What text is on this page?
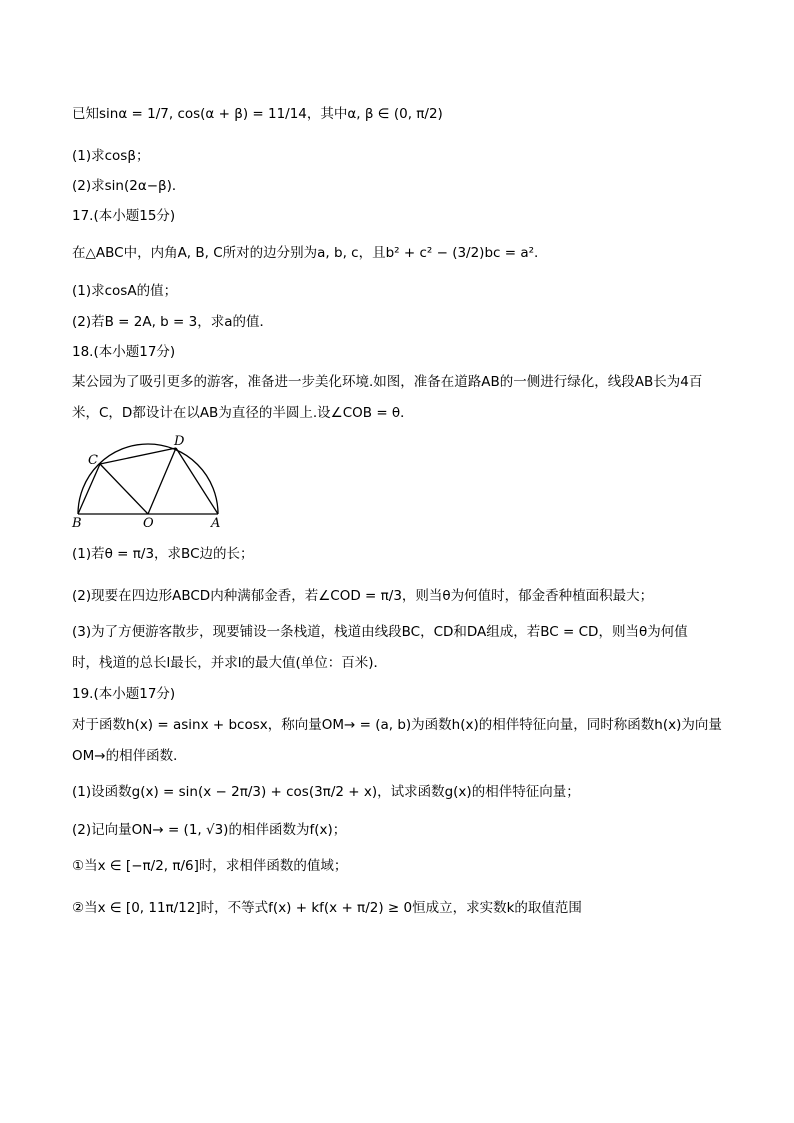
已知sinα = 1/7, cos(α + β) = 11/14，其中α, β ∈ (0, π/2)
(1)求cosβ；
(2)求sin(2α−β)．
17.(本小题15分)
在△ABC中，内角A, B, C所对的边分别为a, b, c，且b² + c² − (3/2)bc = a².
(1)求cosA的值；
(2)若B = 2A, b = 3，求a的值．
18.(本小题17分)
某公园为了吸引更多的游客，准备进一步美化环境.如图，准备在道路AB的一侧进行绿化，线段AB长为4百
米，C，D都设计在以AB为直径的半圆上.设∠COB = θ．
B	O	A
C
D
(1)若θ = π/3，求BC边的长；
(2)现要在四边形ABCD内种满郁金香，若∠COD = π/3，则当θ为何值时，郁金香种植面积最大；
(3)为了方便游客散步，现要铺设一条栈道，栈道由线段BC，CD和DA组成，若BC = CD，则当θ为何值
时，栈道的总长l最长，并求l的最大值(单位：百米)．
19.(本小题17分)
对于函数h(x) = asinx + bcosx，称向量OM→ = (a, b)为函数h(x)的相伴特征向量，同时称函数h(x)为向量
OM→的相伴函数．
(1)设函数g(x) = sin(x − 2π/3) + cos(3π/2 + x)，试求函数g(x)的相伴特征向量；
(2)记向量ON→ = (1, √3)的相伴函数为f(x)；
①当x ∈ [−π/2, π/6]时，求相伴函数的值域；
②当x ∈ [0, 11π/12]时，不等式f(x) + kf(x + π/2) ≥ 0恒成立，求实数k的取值范围
